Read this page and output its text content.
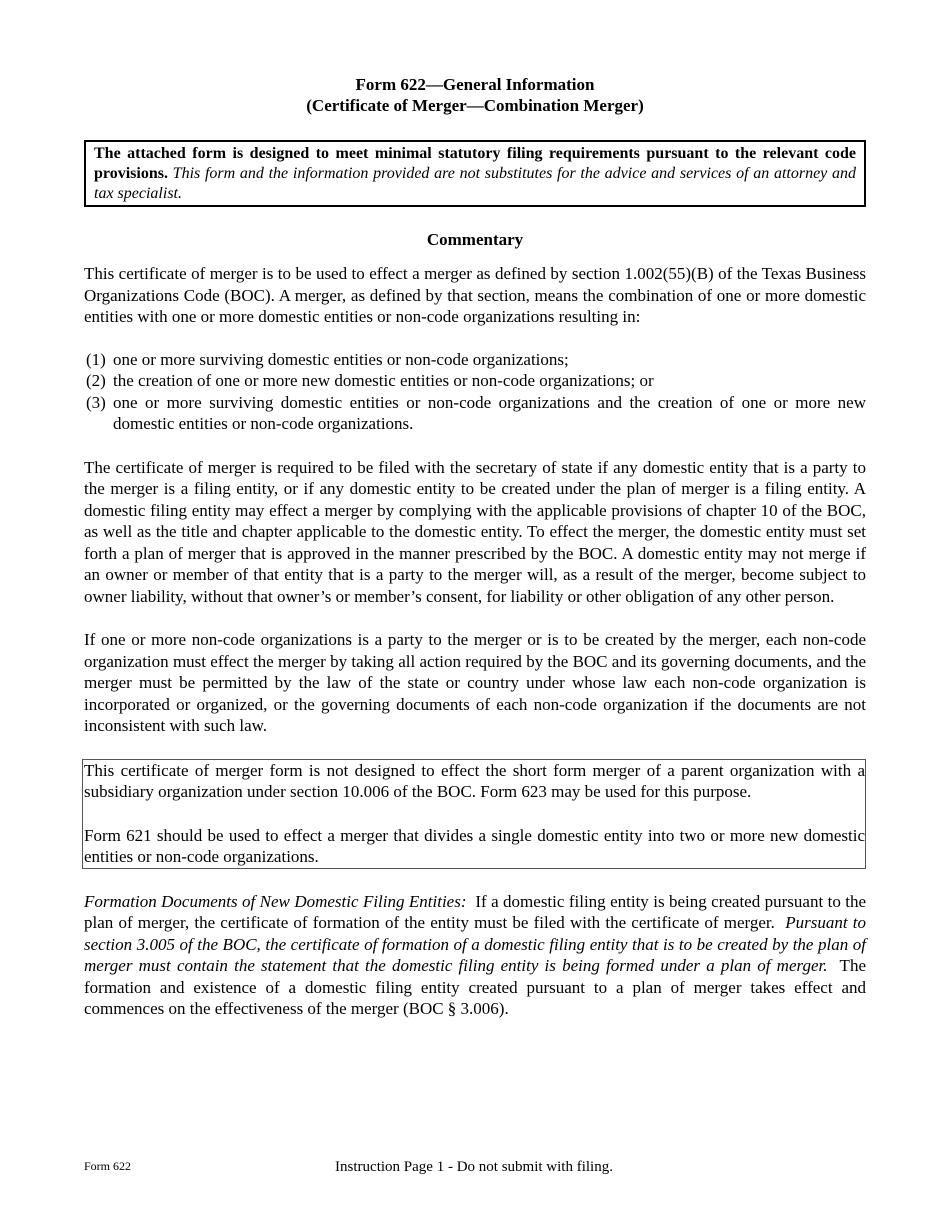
Form 622—General Information
(Certificate of Merger—Combination Merger)
The attached form is designed to meet minimal statutory filing requirements pursuant to the relevant code provisions. This form and the information provided are not substitutes for the advice and services of an attorney and tax specialist.
Commentary
This certificate of merger is to be used to effect a merger as defined by section 1.002(55)(B) of the Texas Business Organizations Code (BOC). A merger, as defined by that section, means the combination of one or more domestic entities with one or more domestic entities or non-code organizations resulting in:
(1) one or more surviving domestic entities or non-code organizations;
(2) the creation of one or more new domestic entities or non-code organizations; or
(3) one or more surviving domestic entities or non-code organizations and the creation of one or more new domestic entities or non-code organizations.
The certificate of merger is required to be filed with the secretary of state if any domestic entity that is a party to the merger is a filing entity, or if any domestic entity to be created under the plan of merger is a filing entity. A domestic filing entity may effect a merger by complying with the applicable provisions of chapter 10 of the BOC, as well as the title and chapter applicable to the domestic entity. To effect the merger, the domestic entity must set forth a plan of merger that is approved in the manner prescribed by the BOC. A domestic entity may not merge if an owner or member of that entity that is a party to the merger will, as a result of the merger, become subject to owner liability, without that owner’s or member’s consent, for liability or other obligation of any other person.
If one or more non-code organizations is a party to the merger or is to be created by the merger, each non-code organization must effect the merger by taking all action required by the BOC and its governing documents, and the merger must be permitted by the law of the state or country under whose law each non-code organization is incorporated or organized, or the governing documents of each non-code organization if the documents are not inconsistent with such law.
This certificate of merger form is not designed to effect the short form merger of a parent organization with a subsidiary organization under section 10.006 of the BOC. Form 623 may be used for this purpose.
Form 621 should be used to effect a merger that divides a single domestic entity into two or more new domestic entities or non-code organizations.
Formation Documents of New Domestic Filing Entities:  If a domestic filing entity is being created pursuant to the plan of merger, the certificate of formation of the entity must be filed with the certificate of merger.  Pursuant to section 3.005 of the BOC, the certificate of formation of a domestic filing entity that is to be created by the plan of merger must contain the statement that the domestic filing entity is being formed under a plan of merger.  The formation and existence of a domestic filing entity created pursuant to a plan of merger takes effect and commences on the effectiveness of the merger (BOC § 3.006).
Form 622	Instruction Page 1 - Do not submit with filing.
